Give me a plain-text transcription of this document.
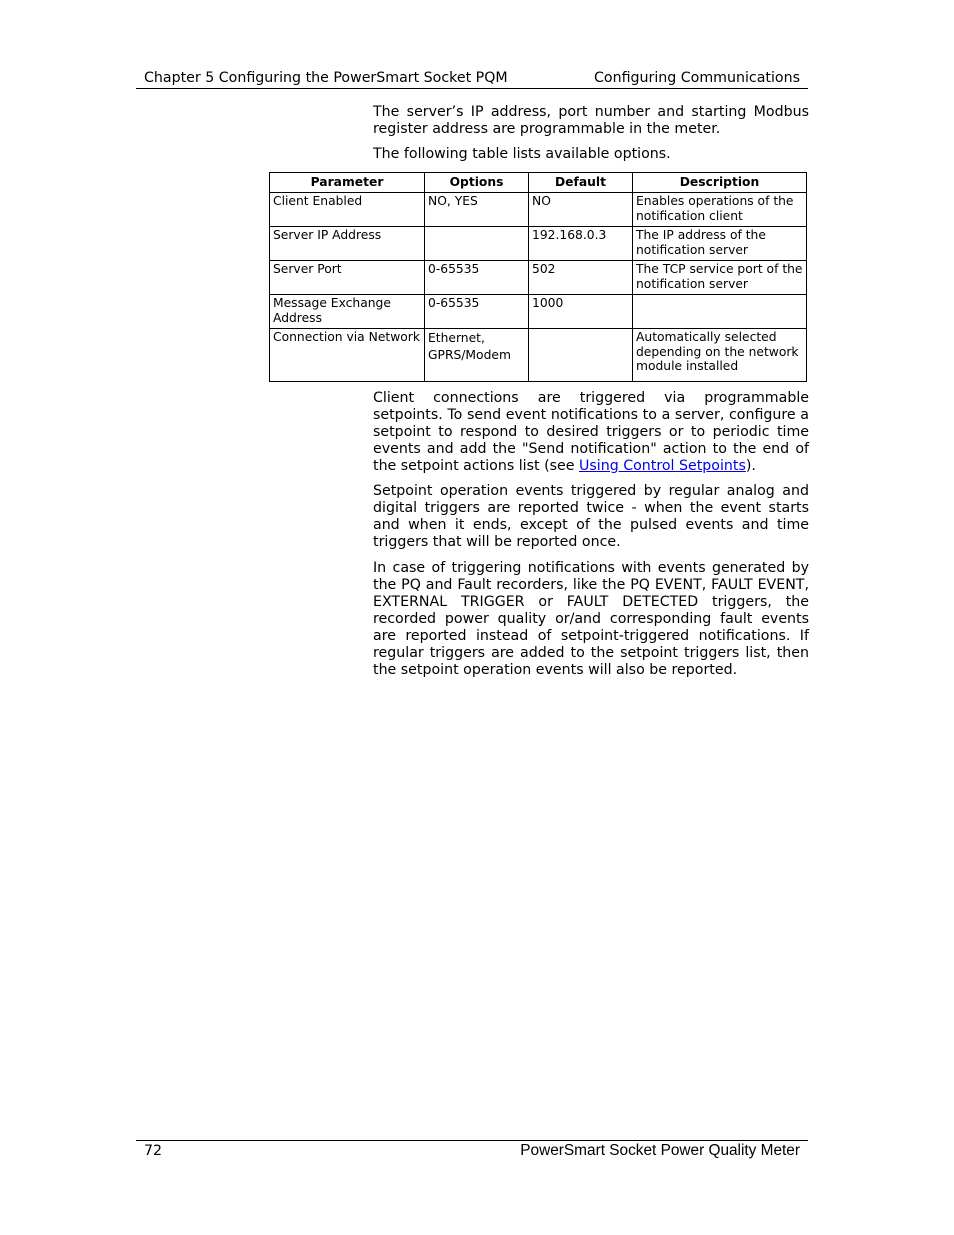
Chapter 5 Configuring the PowerSmart Socket PQM	Configuring Communications
The server’s IP address, port number and starting Modbus register address are programmable in the meter.
The following table lists available options.
Parameter	Options	Default	Description
Client Enabled	NO, YES	NO	Enables operations of the notification client
Server IP Address		192.168.0.3	The IP address of the notification server
Server Port	0-65535	502	The TCP service port of the notification server
Message Exchange Address	0-65535	1000	
Connection via Network	Ethernet, GPRS/Modem		Automatically selected depending on the network module installed
Client connections are triggered via programmable setpoints. To send event notifications to a server, configure a setpoint to respond to desired triggers or to periodic time events and add the "Send notification" action to the end of the setpoint actions list (see Using Control Setpoints).
Setpoint operation events triggered by regular analog and digital triggers are reported twice - when the event starts and when it ends, except of the pulsed events and time triggers that will be reported once.
In case of triggering notifications with events generated by the PQ and Fault recorders, like the PQ EVENT, FAULT EVENT, EXTERNAL TRIGGER or FAULT DETECTED triggers, the recorded power quality or/and corresponding fault events are reported instead of setpoint-triggered notifications. If regular triggers are added to the setpoint triggers list, then the setpoint operation events will also be reported.
72	PowerSmart Socket Power Quality Meter
